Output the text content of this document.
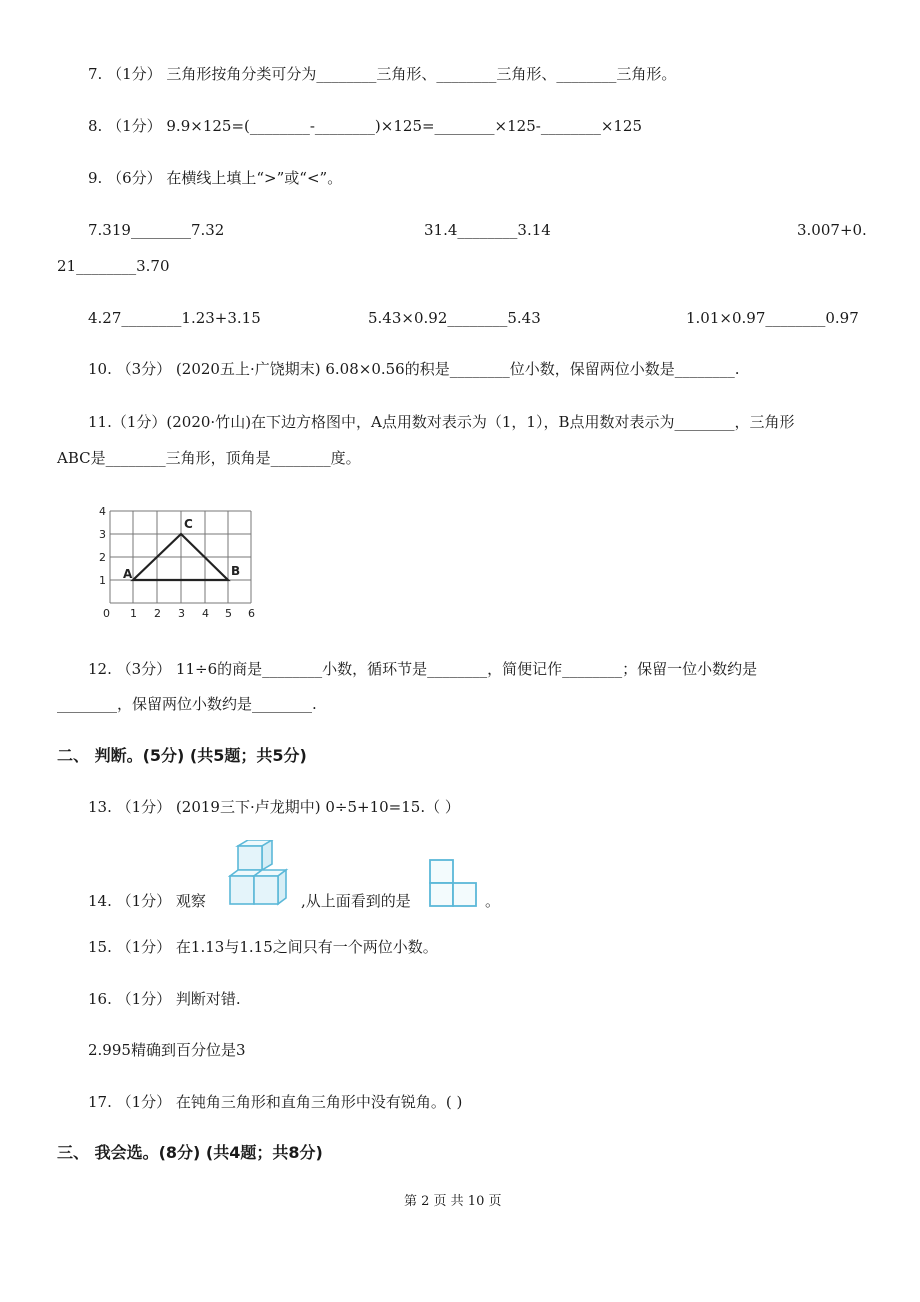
7. （1分） 三角形按角分类可分为________三角形、________三角形、________三角形。
8. （1分） 9.9×125=(________-________)×125=________×125-________×125
9. （6分） 在横线上填上“>”或“<”。
7.319________7.32	31.4________3.14	3.007+0.
21________3.70
4.27________1.23+3.15	5.43×0.92________5.43	1.01×0.97________0.97
10. （3分） (2020五上·广饶期末) 6.08×0.56的积是________位小数，保留两位小数是________.
11.（1分）(2020·竹山)在下边方格图中，A点用数对表示为（1，1），B点用数对表示为________，三角形
ABC是________三角形，顶角是________度。
1
2
3
4
0 1 2 3 4 5 6
A	B
C
12. （3分） 11÷6的商是________小数，循环节是________，简便记作________；保留一位小数约是
________，保留两位小数约是________.
二、 判断。(5分) (共5题；共5分)
13. （1分） (2019三下·卢龙期中) 0÷5+10=15.（ ）
14. （1分） 观察	,从上面看到的是	。
15. （1分） 在1.13与1.15之间只有一个两位小数。
16. （1分） 判断对错.
2.995精确到百分位是3
17. （1分） 在钝角三角形和直角三角形中没有锐角。( )
三、 我会选。(8分) (共4题；共8分)
第 2 页 共 10 页
